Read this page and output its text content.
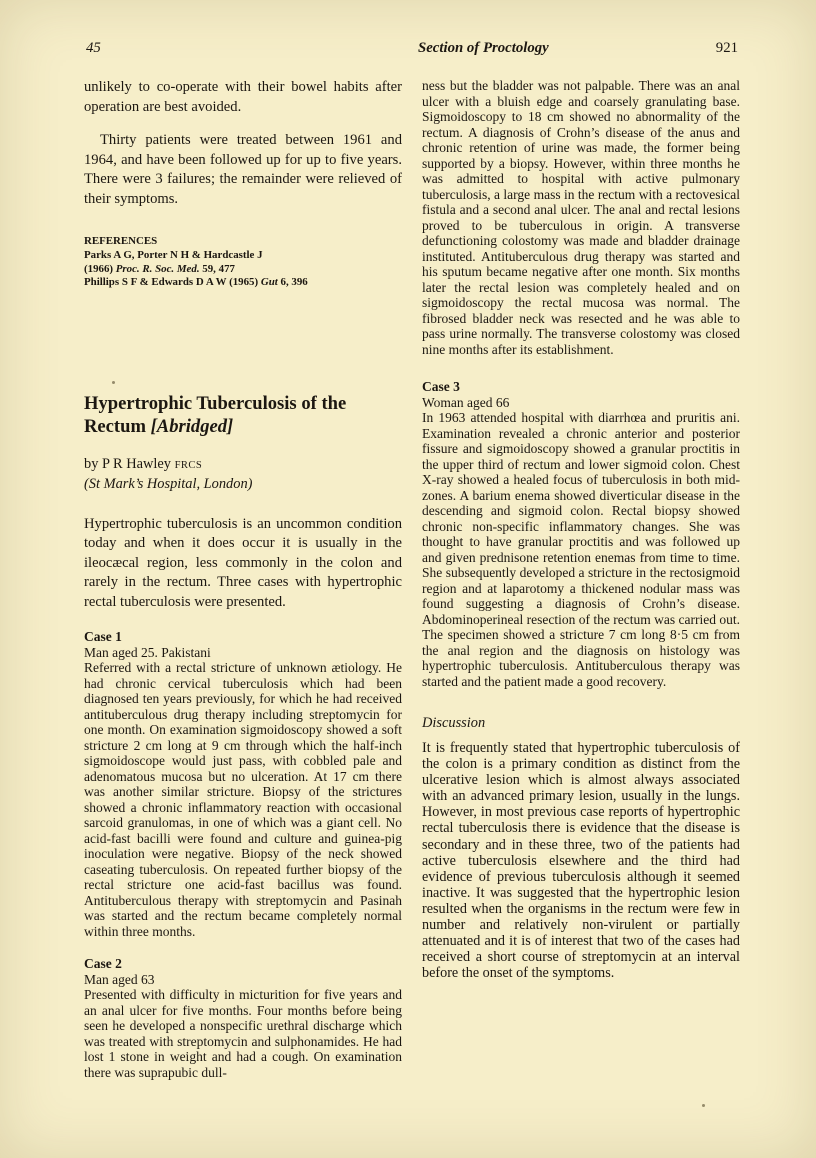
45	Section of Proctology	921

unlikely to co-operate with their bowel habits after operation are best avoided.

Thirty patients were treated between 1961 and 1964, and have been followed up for up to five years. There were 3 failures; the remainder were relieved of their symptoms.

REFERENCES
Parks A G, Porter N H & Hardcastle J
(1966) Proc. R. Soc. Med. 59, 477
Phillips S F & Edwards D A W (1965) Gut 6, 396
Hypertrophic Tuberculosis of the Rectum [Abridged]
by P R Hawley FRCS
(St Mark’s Hospital, London)

Hypertrophic tuberculosis is an uncommon condition today and when it does occur it is usually in the ileocæcal region, less commonly in the colon and rarely in the rectum. Three cases with hypertrophic rectal tuberculosis were presented.

Case 1
Man aged 25. Pakistani

Referred with a rectal stricture of unknown ætiology. He had chronic cervical tuberculosis which had been diagnosed ten years previously, for which he had received antituberculous drug therapy including streptomycin for one month. On examination sigmoidoscopy showed a soft stricture 2 cm long at 9 cm through which the half-inch sigmoidoscope would just pass, with cobbled pale and adenomatous mucosa but no ulceration. At 17 cm there was another similar stricture. Biopsy of the strictures showed a chronic inflammatory reaction with occasional sarcoid granulomas, in one of which was a giant cell. No acid-fast bacilli were found and culture and guinea-pig inoculation were negative. Biopsy of the neck showed caseating tuberculosis. On repeated further biopsy of the rectal stricture one acid-fast bacillus was found. Antituberculous therapy with streptomycin and Pasinah was started and the rectum became completely normal within three months.

Case 2
Man aged 63

Presented with difficulty in micturition for five years and an anal ulcer for five months. Four months before being seen he developed a nonspecific urethral discharge which was treated with streptomycin and sulphonamides. He had lost 1 stone in weight and had a cough. On examination there was suprapubic dull-

ness but the bladder was not palpable. There was an anal ulcer with a bluish edge and coarsely granulating base. Sigmoidoscopy to 18 cm showed no abnormality of the rectum. A diagnosis of Crohn’s disease of the anus and chronic retention of urine was made, the former being supported by a biopsy. However, within three months he was admitted to hospital with active pulmonary tuberculosis, a large mass in the rectum with a rectovesical fistula and a second anal ulcer. The anal and rectal lesions proved to be tuberculous in origin. A transverse defunctioning colostomy was made and bladder drainage instituted. Antituberculous drug therapy was started and his sputum became negative after one month. Six months later the rectal lesion was completely healed and on sigmoidoscopy the rectal mucosa was normal. The fibrosed bladder neck was resected and he was able to pass urine normally. The transverse colostomy was closed nine months after its establishment.

Case 3
Woman aged 66

In 1963 attended hospital with diarrhœa and pruritis ani. Examination revealed a chronic anterior and posterior fissure and sigmoidoscopy showed a granular proctitis in the upper third of rectum and lower sigmoid colon. Chest X-ray showed a healed focus of tuberculosis in both mid-zones. A barium enema showed diverticular disease in the descending and sigmoid colon. Rectal biopsy showed chronic non-specific inflammatory changes. She was thought to have granular proctitis and was followed up and given prednisone retention enemas from time to time. She subsequently developed a stricture in the rectosigmoid region and at laparotomy a thickened nodular mass was found suggesting a diagnosis of Crohn’s disease. Abdominoperineal resection of the rectum was carried out. The specimen showed a stricture 7 cm long 8·5 cm from the anal region and the diagnosis on histology was hypertrophic tuberculosis. Antituberculous therapy was started and the patient made a good recovery.

Discussion

It is frequently stated that hypertrophic tuberculosis of the colon is a primary condition as distinct from the ulcerative lesion which is almost always associated with an advanced primary lesion, usually in the lungs. However, in most previous case reports of hypertrophic rectal tuberculosis there is evidence that the disease is secondary and in these three, two of the patients had active tuberculosis elsewhere and the third had evidence of previous tuberculosis although it seemed inactive. It was suggested that the hypertrophic lesion resulted when the organisms in the rectum were few in number and relatively non-virulent or partially attenuated and it is of interest that two of the cases had received a short course of streptomycin at an interval before the onset of the symptoms.
